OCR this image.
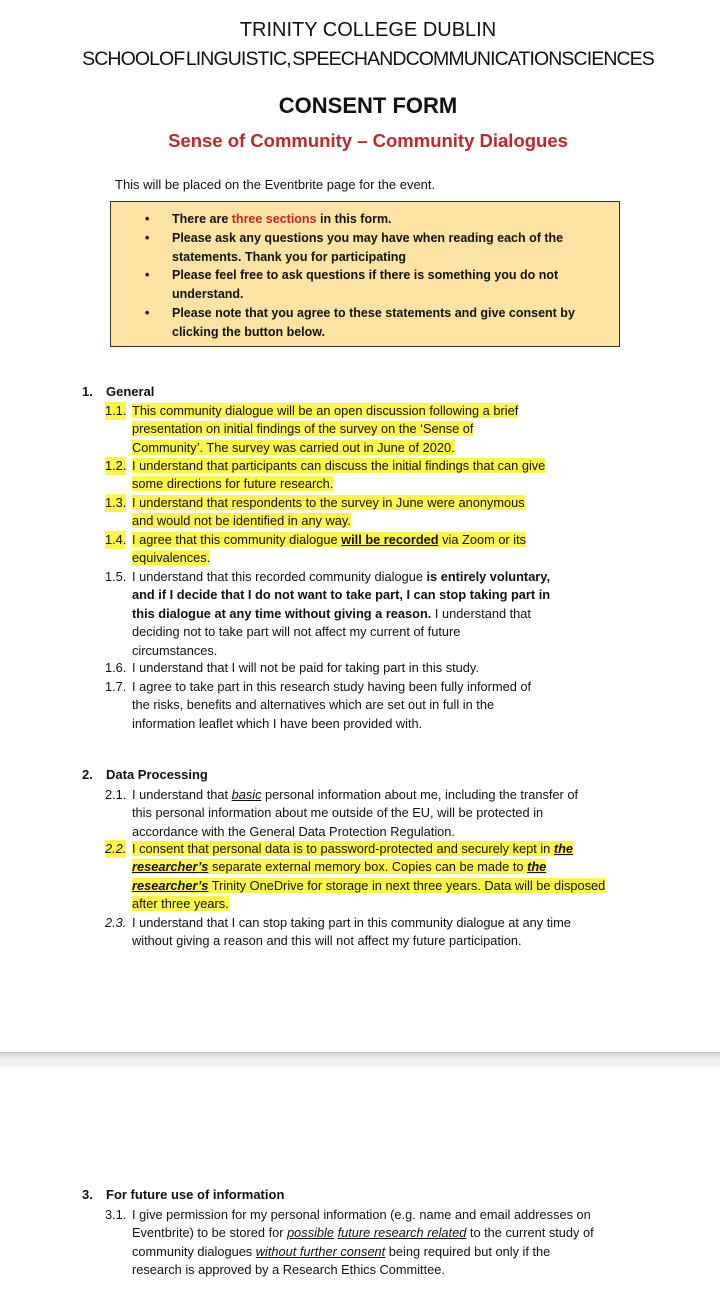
TRINITY COLLEGE DUBLIN
SCHOOLOF LINGUISTIC, SPEECHANDCOMMUNICATIONSCIENCES
CONSENT FORM
Sense of Community – Community Dialogues
This will be placed on the Eventbrite page for the event.
• There are three sections in this form.
• Please ask any questions you may have when reading each of the
statements. Thank you for participating
• Please feel free to ask questions if there is something you do not
understand.
• Please note that you agree to these statements and give consent by
clicking the button below.
1. General
1.1. This community dialogue will be an open discussion following a brief
presentation on initial findings of the survey on the ‘Sense of
Community’. The survey was carried out in June of 2020.
1.2. I understand that participants can discuss the initial findings that can give
some directions for future research.
1.3. I understand that respondents to the survey in June were anonymous
and would not be identified in any way.
1.4. I agree that this community dialogue will be recorded via Zoom or its
equivalences.
1.5. I understand that this recorded community dialogue is entirely voluntary,
and if I decide that I do not want to take part, I can stop taking part in
this dialogue at any time without giving a reason. I understand that
deciding not to take part will not affect my current of future
circumstances.
1.6. I understand that I will not be paid for taking part in this study.
1.7. I agree to take part in this research study having been fully informed of
the risks, benefits and alternatives which are set out in full in the
information leaflet which I have been provided with.
2. Data Processing
2.1. I understand that basic personal information about me, including the transfer of
this personal information about me outside of the EU, will be protected in
accordance with the General Data Protection Regulation.
2.2. I consent that personal data is to password-protected and securely kept in the
researcher’s separate external memory box. Copies can be made to the
researcher’s Trinity OneDrive for storage in next three years. Data will be disposed
after three years.
2.3. I understand that I can stop taking part in this community dialogue at any time
without giving a reason and this will not affect my future participation.
3. For future use of information
3.1. I give permission for my personal information (e.g. name and email addresses on
Eventbrite) to be stored for possible future research related to the current study of
community dialogues without further consent being required but only if the
research is approved by a Research Ethics Committee.
